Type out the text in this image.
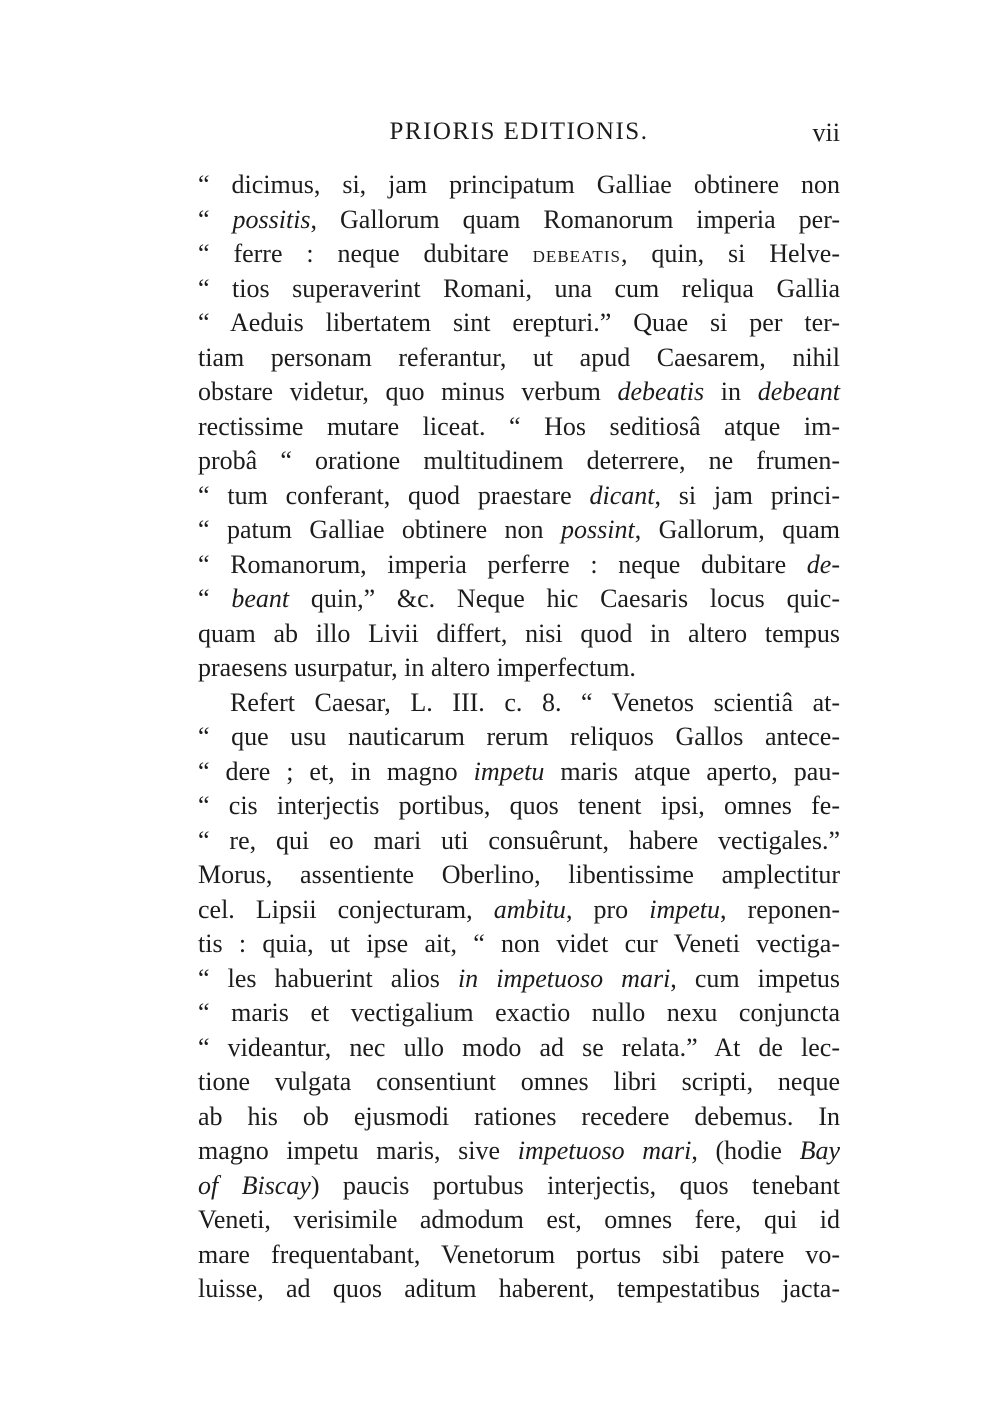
PRIORIS EDITIONIS.	vii
“ dicimus, si, jam principatum Galliae obtinere non
“ possitis, Gallorum quam Romanorum imperia per-
“ ferre : neque dubitare debeatis, quin, si Helve-
“ tios superaverint Romani, una cum reliqua Gallia
“ Aeduis libertatem sint erepturi.” Quae si per ter-
tiam personam referantur, ut apud Caesarem, nihil
obstare videtur, quo minus verbum debeatis in debeant
rectissime mutare liceat. “ Hos seditiosâ atque im-
probâ “ oratione multitudinem deterrere, ne frumen-
“ tum conferant, quod praestare dicant, si jam princi-
“ patum Galliae obtinere non possint, Gallorum, quam
“ Romanorum, imperia perferre : neque dubitare de-
“ beant quin,” &c. Neque hic Caesaris locus quic-
quam ab illo Livii differt, nisi quod in altero tempus
praesens usurpatur, in altero imperfectum.
Refert Caesar, L. III. c. 8. “ Venetos scientiâ at-
“ que usu nauticarum rerum reliquos Gallos antece-
“ dere ; et, in magno impetu maris atque aperto, pau-
“ cis interjectis portibus, quos tenent ipsi, omnes fe-
“ re, qui eo mari uti consuêrunt, habere vectigales.”
Morus, assentiente Oberlino, libentissime amplectitur
cel. Lipsii conjecturam, ambitu, pro impetu, reponen-
tis : quia, ut ipse ait, “ non videt cur Veneti vectiga-
“ les habuerint alios in impetuoso mari, cum impetus
“ maris et vectigalium exactio nullo nexu conjuncta
“ videantur, nec ullo modo ad se relata.” At de lec-
tione vulgata consentiunt omnes libri scripti, neque
ab his ob ejusmodi rationes recedere debemus. In
magno impetu maris, sive impetuoso mari, (hodie Bay
of Biscay) paucis portubus interjectis, quos tenebant
Veneti, verisimile admodum est, omnes fere, qui id
mare frequentabant, Venetorum portus sibi patere vo-
luisse, ad quos aditum haberent, tempestatibus jacta-
